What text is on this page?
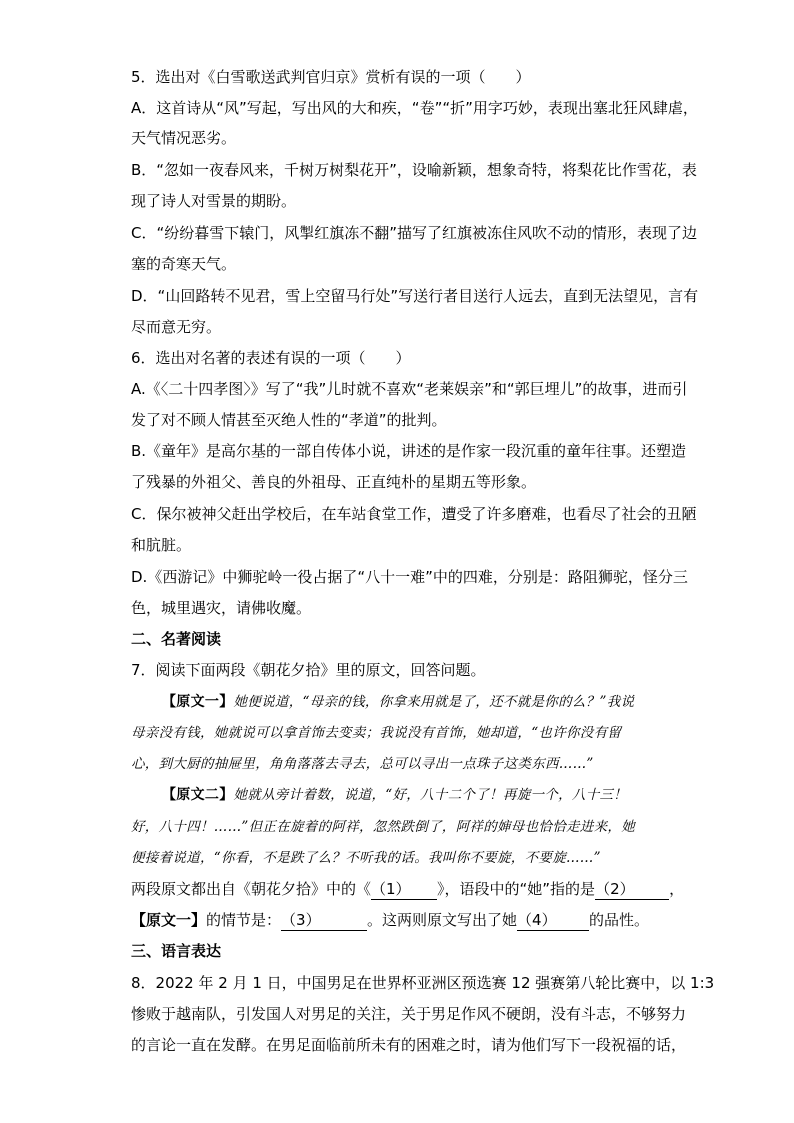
5．选出对《白雪歌送武判官归京》赏析有误的一项（　　）
A．这首诗从“风”写起，写出风的大和疾，“卷”“折”用字巧妙，表现出塞北狂风肆虐，
天气情况恶劣。
B．“忽如一夜春风来，千树万树梨花开”，设喻新颖，想象奇特，将梨花比作雪花，表
现了诗人对雪景的期盼。
C．“纷纷暮雪下辕门，风掣红旗冻不翻”描写了红旗被冻住风吹不动的情形，表现了边
塞的奇寒天气。
D．“山回路转不见君，雪上空留马行处”写送行者目送行人远去，直到无法望见，言有
尽而意无穷。
6．选出对名著的表述有误的一项（　　）
A.《〈二十四孝图〉》写了“我”儿时就不喜欢“老莱娱亲”和“郭巨埋儿”的故事，进而引
发了对不顾人情甚至灭绝人性的“孝道”的批判。
B.《童年》是高尔基的一部自传体小说，讲述的是作家一段沉重的童年往事。还塑造
了残暴的外祖父、善良的外祖母、正直纯朴的星期五等形象。
C．保尔被神父赶出学校后，在车站食堂工作，遭受了许多磨难，也看尽了社会的丑陋
和肮脏。
D.《西游记》中狮驼岭一役占据了“八十一难”中的四难，分别是：路阻狮驼，怪分三
色，城里遇灾，请佛收魔。
二、名著阅读
7．阅读下面两段《朝花夕拾》里的原文，回答问题。
【原文一】她便说道，“母亲的钱，你拿来用就是了，还不就是你的么？”我说
母亲没有钱，她就说可以拿首饰去变卖；我说没有首饰，她却道，“也许你没有留
心，到大厨的抽屉里，角角落落去寻去，总可以寻出一点珠子这类东西……”
【原文二】她就从旁计着数，说道，“好，八十二个了！再旋一个，八十三！
好，八十四！……”但正在旋着的阿祥，忽然跌倒了，阿祥的婶母也恰恰走进来，她
便接着说道，“你看，不是跌了么？不听我的话。我叫你不要旋，不要旋……”
两段原文都出自《朝花夕拾》中的《（1） 》，语段中的“她”指的是（2） ，
【原文一】的情节是：（3）	。这两则原文写出了她（4） 的品性。
三、语言表达
8．2022 年 2 月 1 日，中国男足在世界杯亚洲区预选赛 12 强赛第八轮比赛中，以 1:3
惨败于越南队，引发国人对男足的关注，关于男足作风不硬朗，没有斗志，不够努力
的言论一直在发酵。在男足面临前所未有的困难之时，请为他们写下一段祝福的话，
